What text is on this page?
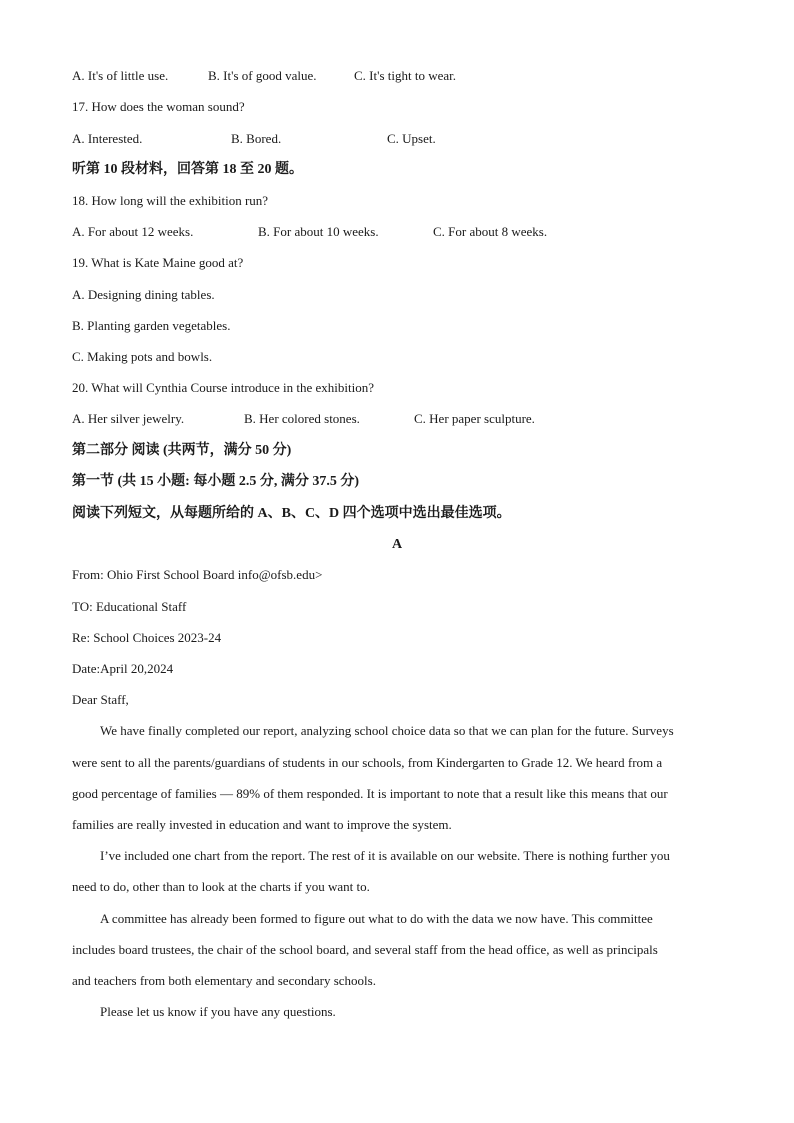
A. It's of little use.	B. It's of good value.	C. It's tight to wear.
17. How does the woman sound?
A. Interested.	B. Bored.	C. Upset.
听第 10 段材料，回答第 18 至 20 题。
18. How long will the exhibition run?
A. For about 12 weeks.	B. For about 10 weeks.	C. For about 8 weeks.
19. What is Kate Maine good at?
A. Designing dining tables.
B. Planting garden vegetables.
C. Making pots and bowls.
20. What will Cynthia Course introduce in the exhibition?
A. Her silver jewelry.	B. Her colored stones.	C. Her paper sculpture.
第二部分 阅读 (共两节，满分 50 分)
第一节 (共 15 小题: 每小题 2.5 分, 满分 37.5 分)
阅读下列短文，从每题所给的 A、B、C、D 四个选项中选出最佳选项。
A
From: Ohio First School Board info@ofsb.edu>
TO: Educational Staff
Re: School Choices 2023-24
Date:April 20,2024
Dear Staff,
We have finally completed our report, analyzing school choice data so that we can plan for the future. Surveys
were sent to all the parents/guardians of students in our schools, from Kindergarten to Grade 12. We heard from a
good percentage of families — 89% of them responded. It is important to note that a result like this means that our
families are really invested in education and want to improve the system.
I’ve included one chart from the report. The rest of it is available on our website. There is nothing further you
need to do, other than to look at the charts if you want to.
A committee has already been formed to figure out what to do with the data we now have. This committee
includes board trustees, the chair of the school board, and several staff from the head office, as well as principals
and teachers from both elementary and secondary schools.
Please let us know if you have any questions.
